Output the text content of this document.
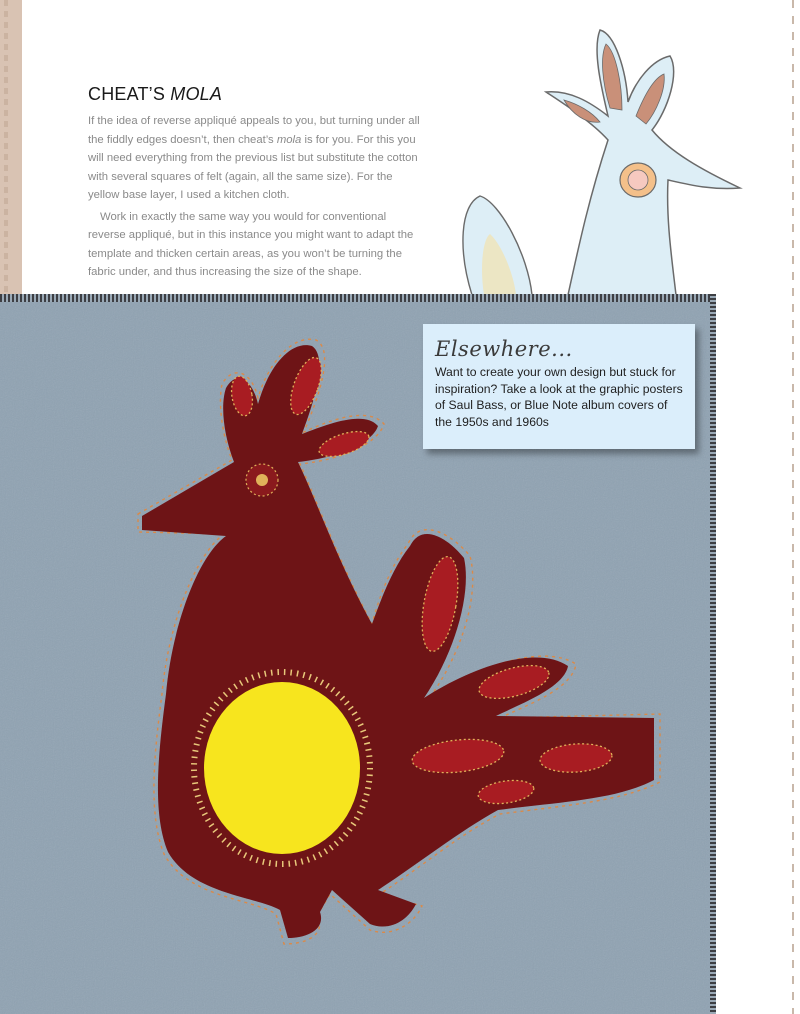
CHEAT’S MOLA

If the idea of reverse appliqué appeals to you, but turning under all the fiddly edges doesn’t, then cheat’s mola is for you. For this you will need everything from the previous list but substitute the cotton with several squares of felt (again, all the same size). For the yellow base layer, I used a kitchen cloth.

Work in exactly the same way you would for conventional reverse appliqué, but in this instance you might want to adapt the template and thicken certain areas, as you won’t be turning the fabric under, and thus increasing the size of the shape.

Elsewhere...

Want to create your own design but stuck for inspiration? Take a look at the graphic posters of Saul Bass, or Blue Note album covers of the 1950s and 1960s
